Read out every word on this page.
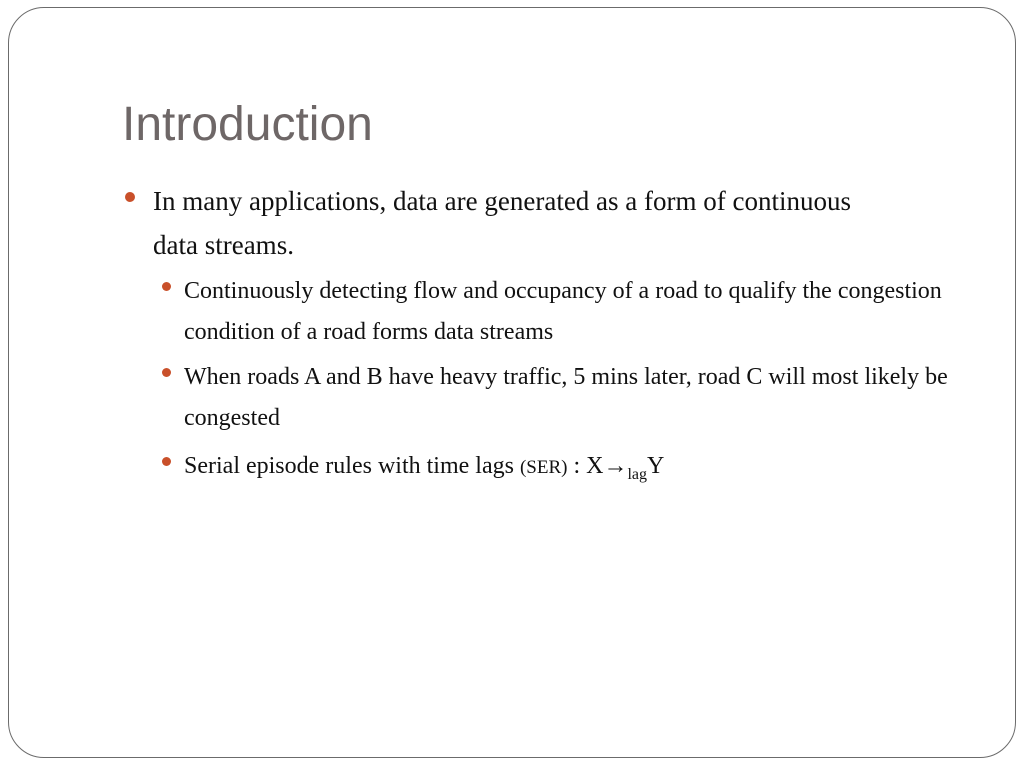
Introduction
In many applications, data are generated as a form of continuous data streams.
Continuously detecting flow and occupancy of a road to qualify the congestion condition of a road forms data streams
When roads A and B have heavy traffic, 5 mins later, road C will most likely be congested
Serial episode rules with time lags (SER) : $X\to_{lag}Y$
